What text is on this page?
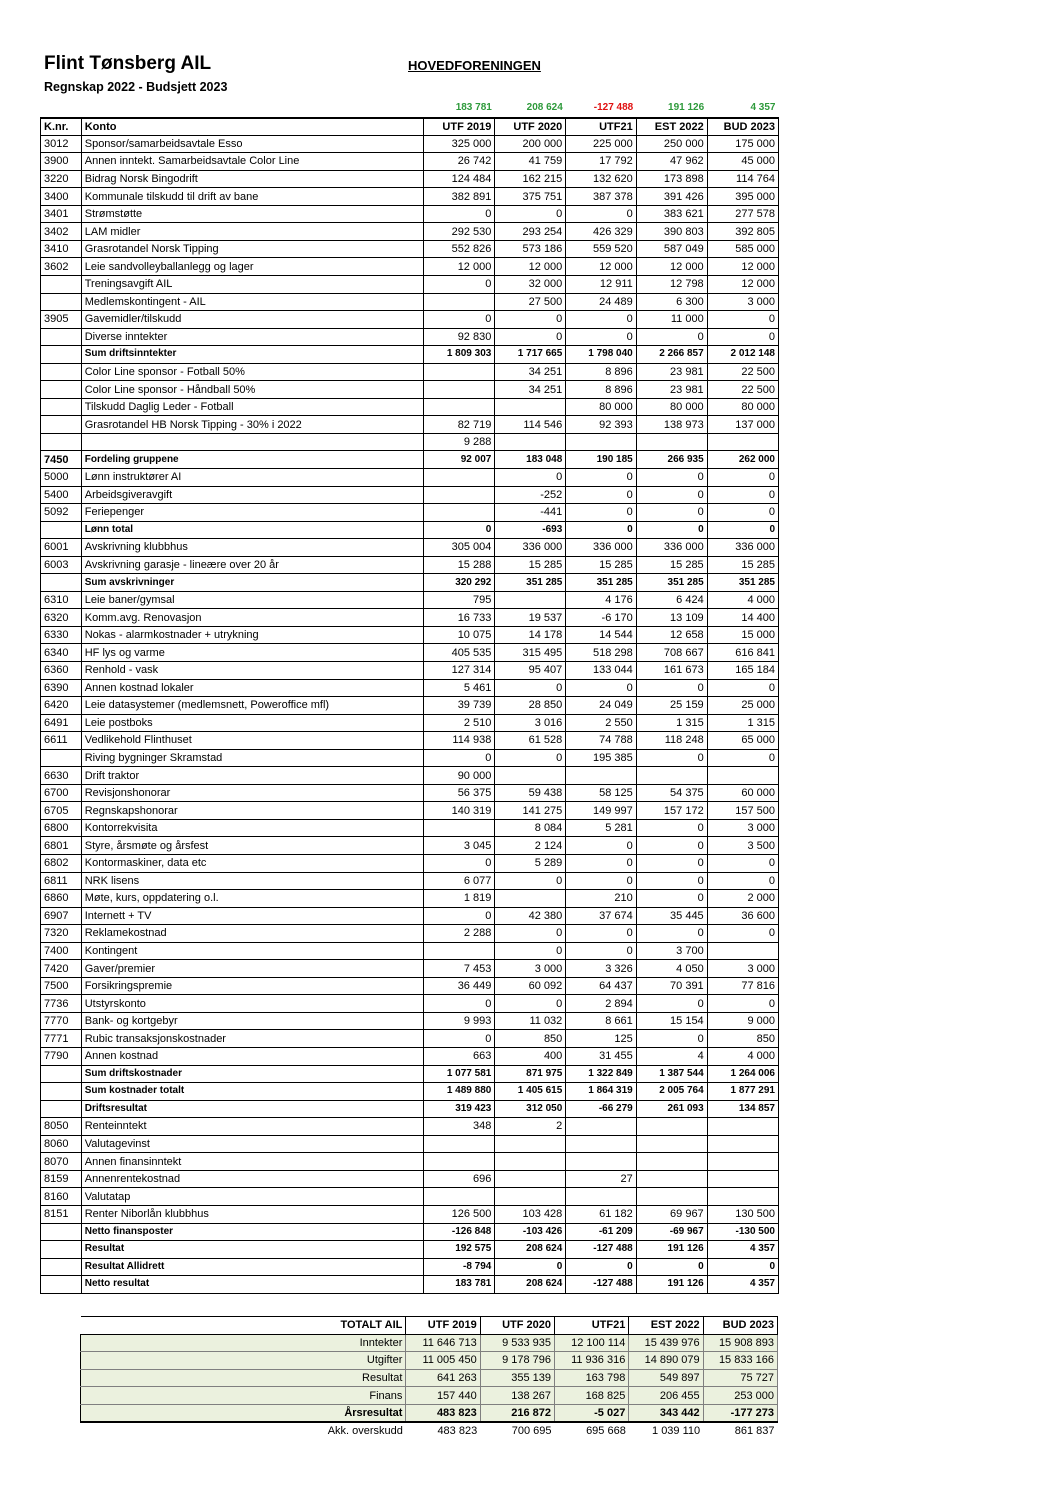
Flint Tønsberg AIL
Regnskap 2022 - Budsjett 2023
HOVEDFORENINGEN
		183 781	208 624	-127 488	191 126	4 357
K.nr.	Konto	UTF 2019	UTF 2020	UTF21	EST 2022	BUD 2023
3012	Sponsor/samarbeidsavtale Esso	325 000	200 000	225 000	250 000	175 000
3900	Annen inntekt. Samarbeidsavtale Color Line	26 742	41 759	17 792	47 962	45 000
3220	Bidrag Norsk Bingodrift	124 484	162 215	132 620	173 898	114 764
3400	Kommunale tilskudd til drift av bane	382 891	375 751	387 378	391 426	395 000
3401	Strømstøtte	0	0	0	383 621	277 578
3402	LAM midler	292 530	293 254	426 329	390 803	392 805
3410	Grasrotandel Norsk Tipping	552 826	573 186	559 520	587 049	585 000
3602	Leie sandvolleyballanlegg og lager	12 000	12 000	12 000	12 000	12 000
	Treningsavgift AIL	0	32 000	12 911	12 798	12 000
	Medlemskontingent - AIL		27 500	24 489	6 300	3 000
3905	Gavemidler/tilskudd	0	0	0	11 000	0
	Diverse inntekter	92 830	0	0	0	0
	Sum driftsinntekter	1 809 303	1 717 665	1 798 040	2 266 857	2 012 148
	Color Line sponsor - Fotball 50%		34 251	8 896	23 981	22 500
	Color Line sponsor - Håndball 50%		34 251	8 896	23 981	22 500
	Tilskudd Daglig Leder - Fotball			80 000	80 000	80 000
	Grasrotandel HB Norsk Tipping - 30% i 2022	82 719	114 546	92 393	138 973	137 000
		9 288				
7450	Fordeling gruppene	92 007	183 048	190 185	266 935	262 000
5000	Lønn instruktører AI		0	0	0	0
5400	Arbeidsgiveravgift		-252	0	0	0
5092	Feriepenger		-441	0	0	0
	Lønn total	0	-693	0	0	0
6001	Avskrivning klubbhus	305 004	336 000	336 000	336 000	336 000
6003	Avskrivning garasje - lineære over 20 år	15 288	15 285	15 285	15 285	15 285
	Sum avskrivninger	320 292	351 285	351 285	351 285	351 285
6310	Leie baner/gymsal	795		4 176	6 424	4 000
6320	Komm.avg. Renovasjon	16 733	19 537	-6 170	13 109	14 400
6330	Nokas - alarmkostnader + utrykning	10 075	14 178	14 544	12 658	15 000
6340	HF lys og varme	405 535	315 495	518 298	708 667	616 841
6360	Renhold - vask	127 314	95 407	133 044	161 673	165 184
6390	Annen kostnad lokaler	5 461	0	0	0	0
6420	Leie datasystemer (medlemsnett, Poweroffice mfl)	39 739	28 850	24 049	25 159	25 000
6491	Leie postboks	2 510	3 016	2 550	1 315	1 315
6611	Vedlikehold Flinthuset	114 938	61 528	74 788	118 248	65 000
	Riving bygninger Skramstad	0	0	195 385	0	0
6630	Drift traktor	90 000				
6700	Revisjonshonorar	56 375	59 438	58 125	54 375	60 000
6705	Regnskapshonorar	140 319	141 275	149 997	157 172	157 500
6800	Kontorrekvisita		8 084	5 281	0	3 000
6801	Styre, årsmøte og årsfest	3 045	2 124	0	0	3 500
6802	Kontormaskiner, data etc	0	5 289	0	0	0
6811	NRK lisens	6 077	0	0	0	0
6860	Møte, kurs, oppdatering o.l.	1 819		210	0	2 000
6907	Internett + TV	0	42 380	37 674	35 445	36 600
7320	Reklamekostnad	2 288	0	0	0	0
7400	Kontingent		0	0	3 700	
7420	Gaver/premier	7 453	3 000	3 326	4 050	3 000
7500	Forsikringspremie	36 449	60 092	64 437	70 391	77 816
7736	Utstyrskonto	0	0	2 894	0	0
7770	Bank- og kortgebyr	9 993	11 032	8 661	15 154	9 000
7771	Rubic transaksjonskostnader	0	850	125	0	850
7790	Annen kostnad	663	400	31 455	4	4 000
	Sum driftskostnader	1 077 581	871 975	1 322 849	1 387 544	1 264 006
	Sum kostnader totalt	1 489 880	1 405 615	1 864 319	2 005 764	1 877 291
	Driftsresultat	319 423	312 050	-66 279	261 093	134 857
8050	Renteinntekt	348	2			
8060	Valutagevinst					
8070	Annen finansinntekt					
8159	Annenrentekostnad	696		27		
8160	Valutatap					
8151	Renter Niborlån klubbhus	126 500	103 428	61 182	69 967	130 500
	Netto finansposter	-126 848	-103 426	-61 209	-69 967	-130 500
	Resultat	192 575	208 624	-127 488	191 126	4 357
	Resultat Allidrett	-8 794	0	0	0	0
	Netto resultat	183 781	208 624	-127 488	191 126	4 357
TOTALT AIL	UTF 2019	UTF 2020	UTF21	EST 2022	BUD 2023
Inntekter	11 646 713	9 533 935	12 100 114	15 439 976	15 908 893
Utgifter	11 005 450	9 178 796	11 936 316	14 890 079	15 833 166
Resultat	641 263	355 139	163 798	549 897	75 727
Finans	157 440	138 267	168 825	206 455	253 000
Årsresultat	483 823	216 872	-5 027	343 442	-177 273
Akk. overskudd	483 823	700 695	695 668	1 039 110	861 837
